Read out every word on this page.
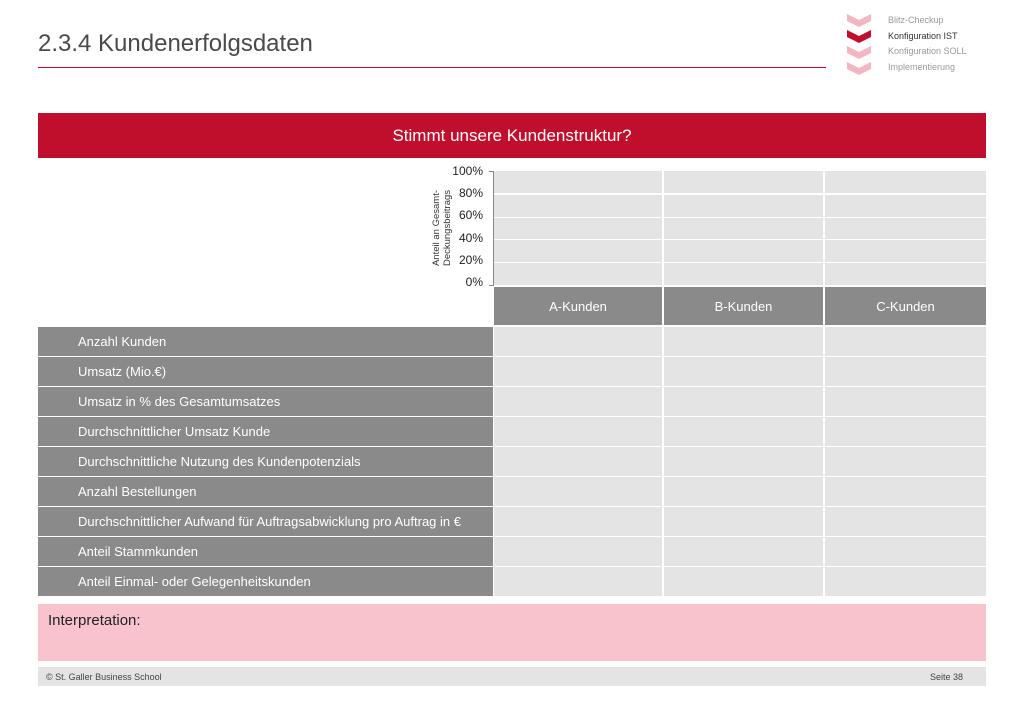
2.3.4 Kundenerfolgsdaten
Blitz-Checkup
Konfiguration IST
Konfiguration SOLL
Implementierung
Stimmt unsere Kundenstruktur?
Anteil an Gesamt- Deckungsbeitrags
100%
80%
60%
40%
20%
0%
A-Kunden	B-Kunden	C-Kunden
Anzahl Kunden
Umsatz (Mio.€)
Umsatz in % des Gesamtumsatzes
Durchschnittlicher Umsatz Kunde
Durchschnittliche Nutzung des Kundenpotenzials
Anzahl Bestellungen
Durchschnittlicher Aufwand für Auftragsabwicklung pro Auftrag in €
Anteil Stammkunden
Anteil Einmal- oder Gelegenheitskunden
Interpretation:
© St. Galler Business School	Seite 38
